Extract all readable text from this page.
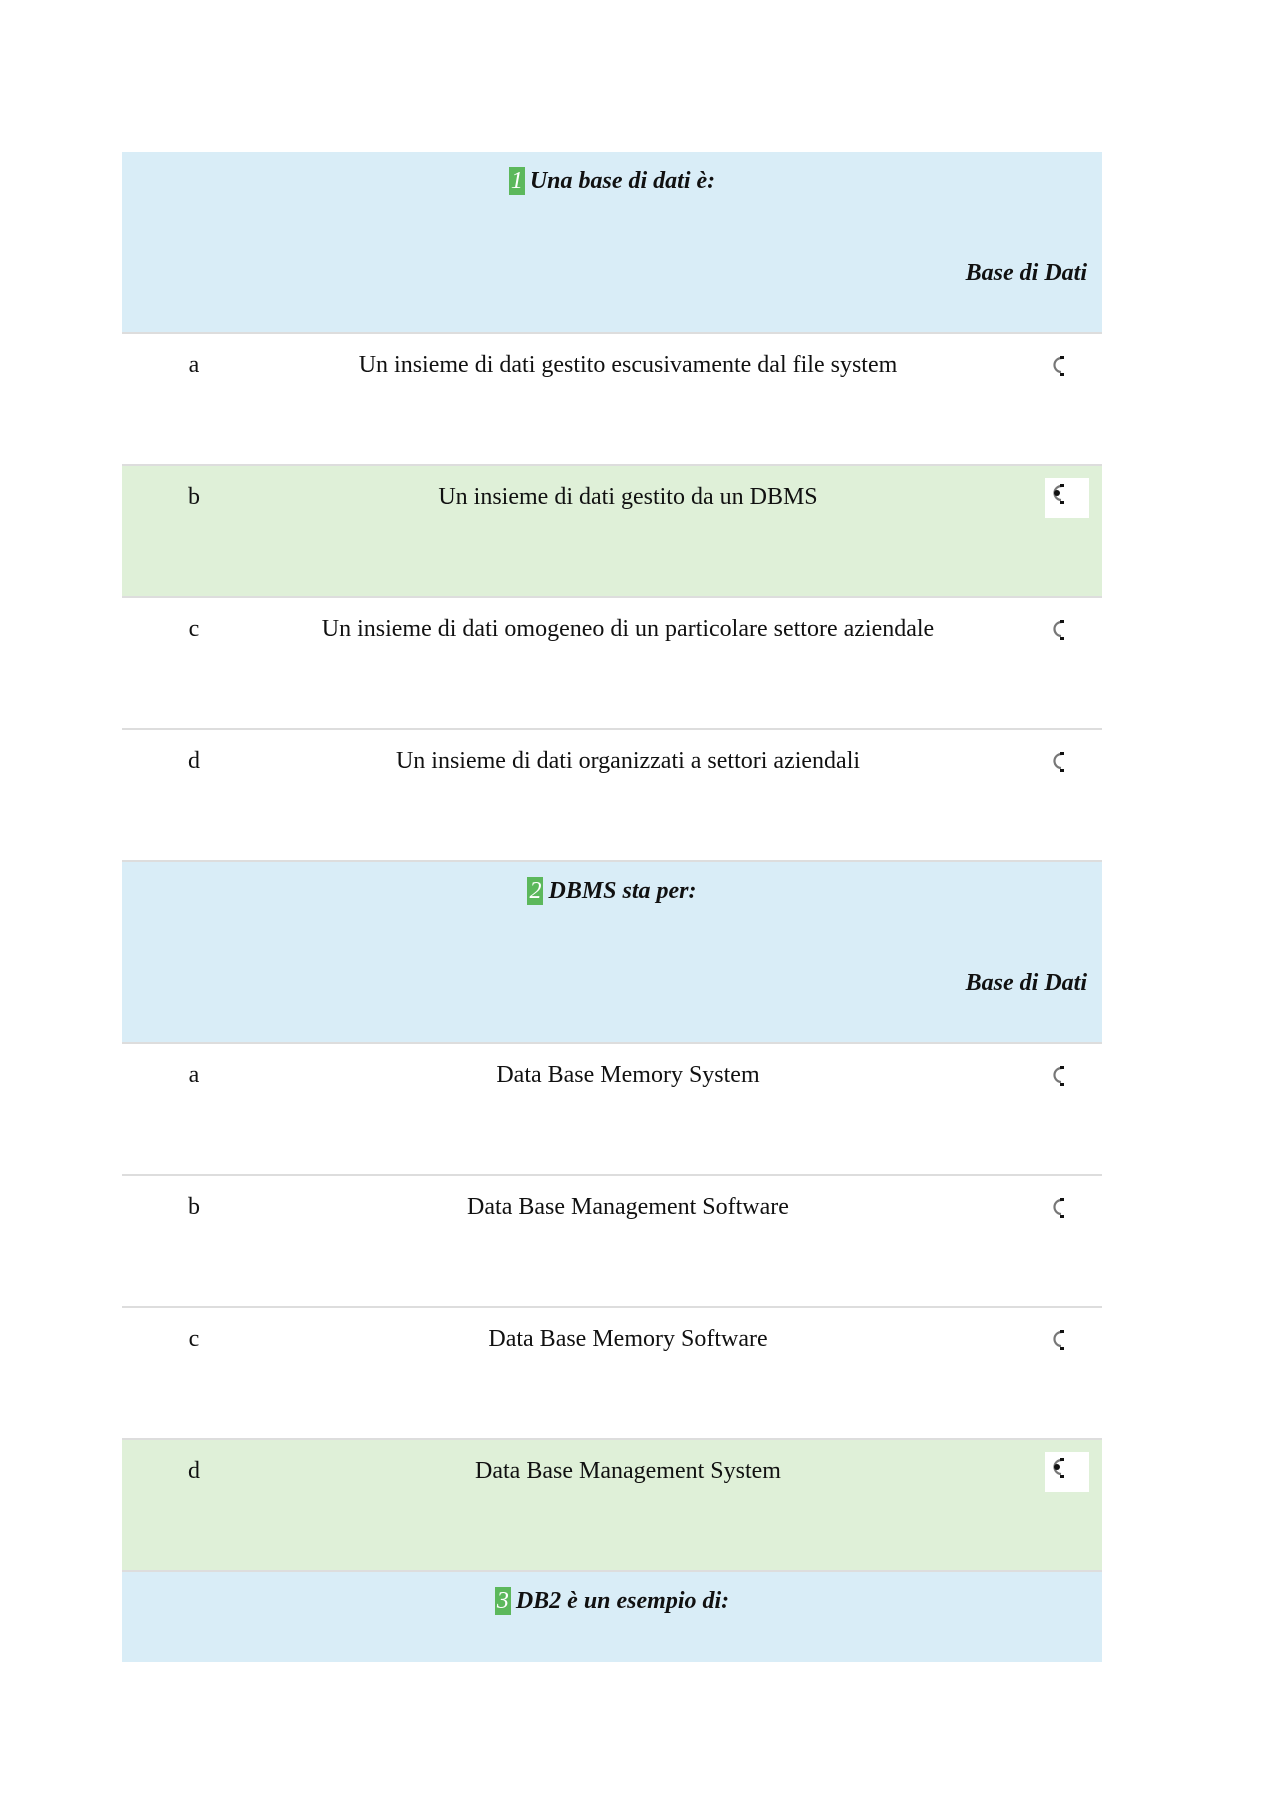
1 Una base di dati è:
Base di Dati
a	Un insieme di dati gestito escusivamente dal file system
b	Un insieme di dati gestito da un DBMS
c	Un insieme di dati omogeneo di un particolare settore aziendale
d	Un insieme di dati organizzati a settori aziendali
2 DBMS sta per:
Base di Dati
a	Data Base Memory System
b	Data Base Management Software
c	Data Base Memory Software
d	Data Base Management System
3 DB2 è un esempio di:
